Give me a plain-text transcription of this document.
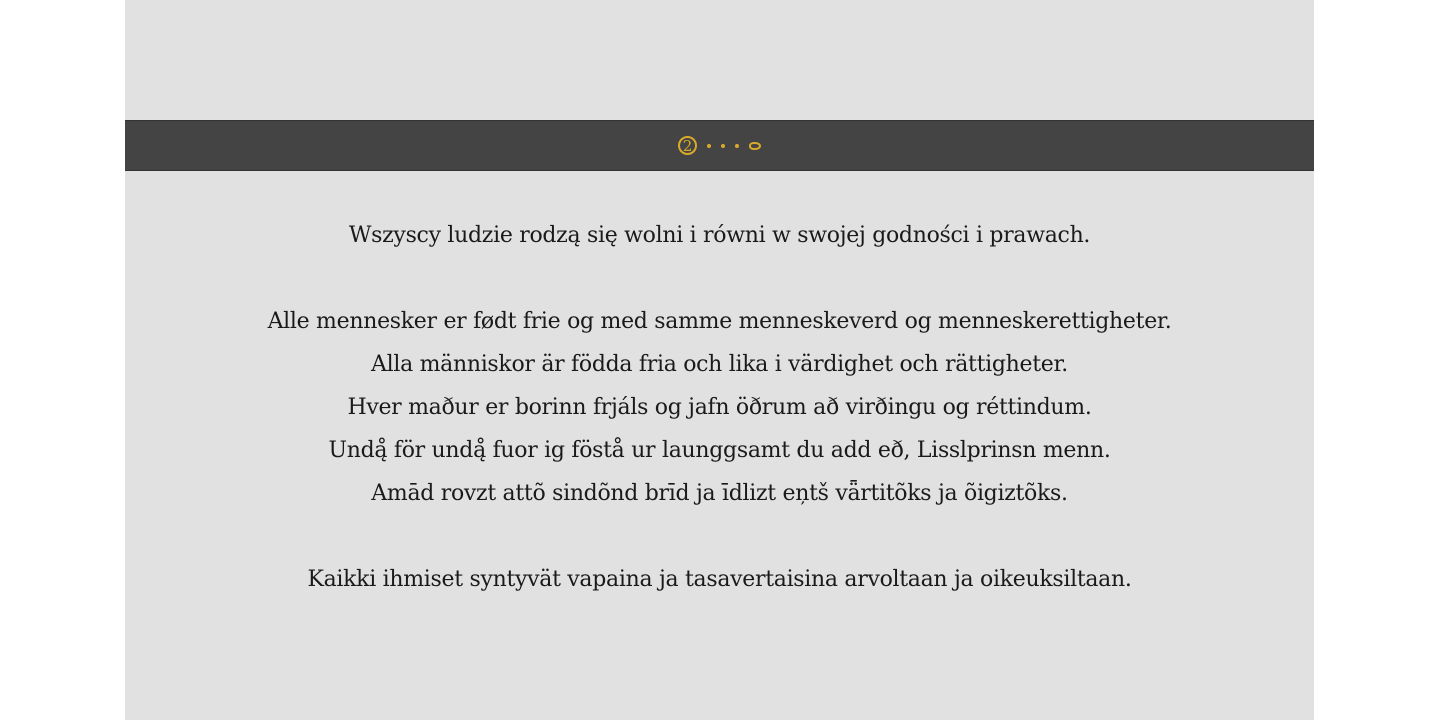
2

Wszyscy ludzie rodzą się wolni i równi w swojej godności i prawach.

Alle mennesker er født frie og med samme menneskeverd og menneskerettigheter.

Alla människor är födda fria och lika i värdighet och rättigheter.

Hver maður er borinn frjáls og jafn öðrum að virðingu og réttindum.

Undą̊ för undą̊ fuor ig föstå ur launggsamt du add eð, Lisslprinsn menn.

Amād rovzt attõ sindõnd brīd ja īdlizt eņtš vǟrtitõks ja õigiztõks.

Kaikki ihmiset syntyvät vapaina ja tasavertaisina arvoltaan ja oikeuksiltaan.
